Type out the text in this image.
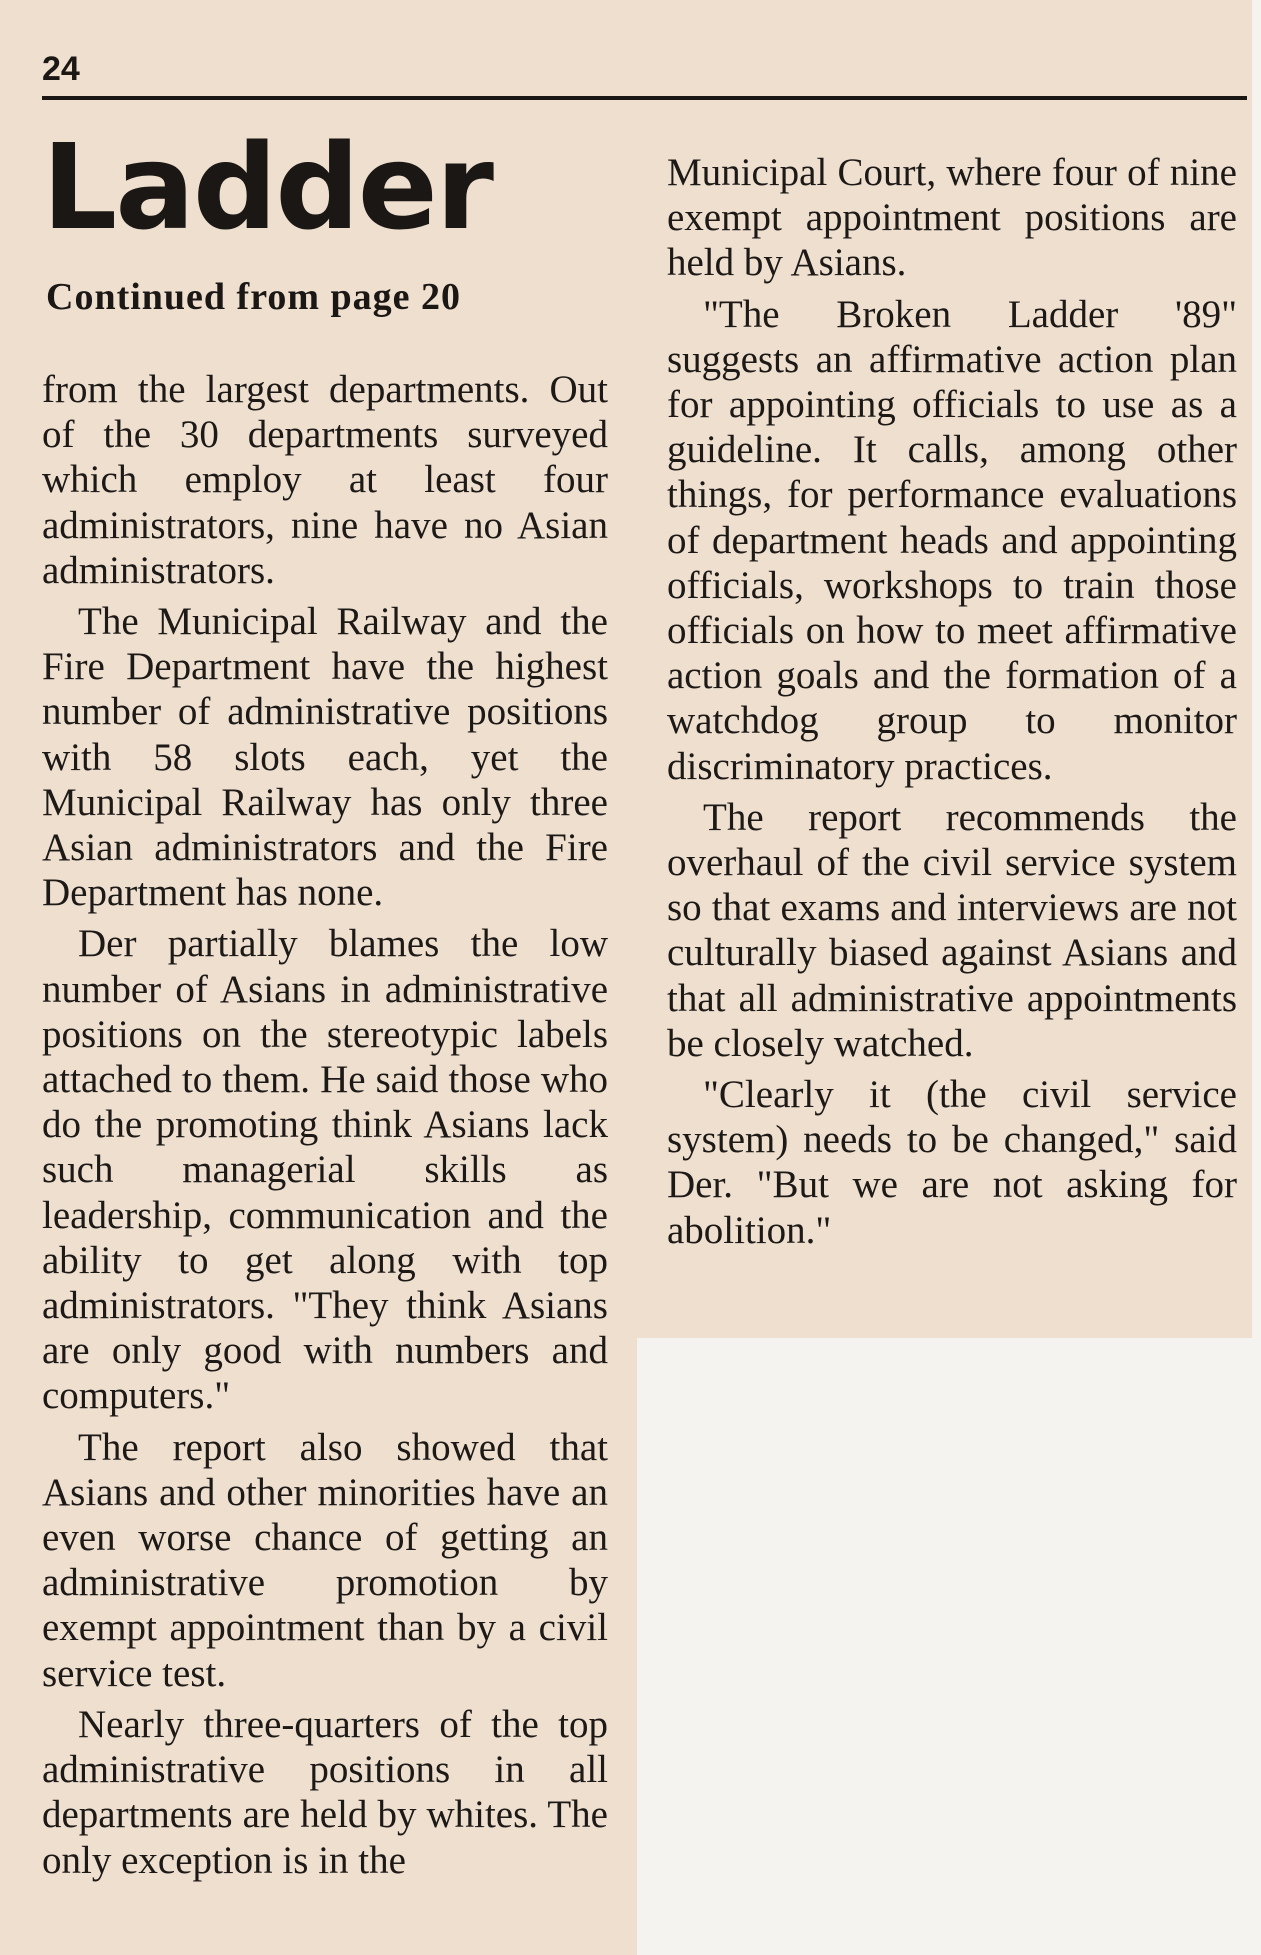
24
Ladder
Continued from page 20

from the largest departments. Out of the 30 departments surveyed which employ at least four administrators, nine have no Asian administrators.

The Municipal Railway and the Fire Department have the highest number of administrative positions with 58 slots each, yet the Municipal Railway has only three Asian administrators and the Fire Department has none.

Der partially blames the low number of Asians in administrative positions on the stereotypic labels attached to them. He said those who do the promoting think Asians lack such managerial skills as leadership, communication and the ability to get along with top administrators. "They think Asians are only good with numbers and computers."

The report also showed that Asians and other minorities have an even worse chance of getting an administrative promotion by exempt appointment than by a civil service test.

Nearly three-quarters of the top administrative positions in all departments are held by whites. The only exception is in the

Municipal Court, where four of nine exempt appointment positions are held by Asians.

"The Broken Ladder '89" suggests an affirmative action plan for appointing officials to use as a guideline. It calls, among other things, for performance evaluations of department heads and appointing officials, workshops to train those officials on how to meet affirmative action goals and the formation of a watchdog group to monitor discriminatory practices.

The report recommends the overhaul of the civil service system so that exams and interviews are not culturally biased against Asians and that all administrative appointments be closely watched.

"Clearly it (the civil service system) needs to be changed," said Der. "But we are not asking for abolition."
